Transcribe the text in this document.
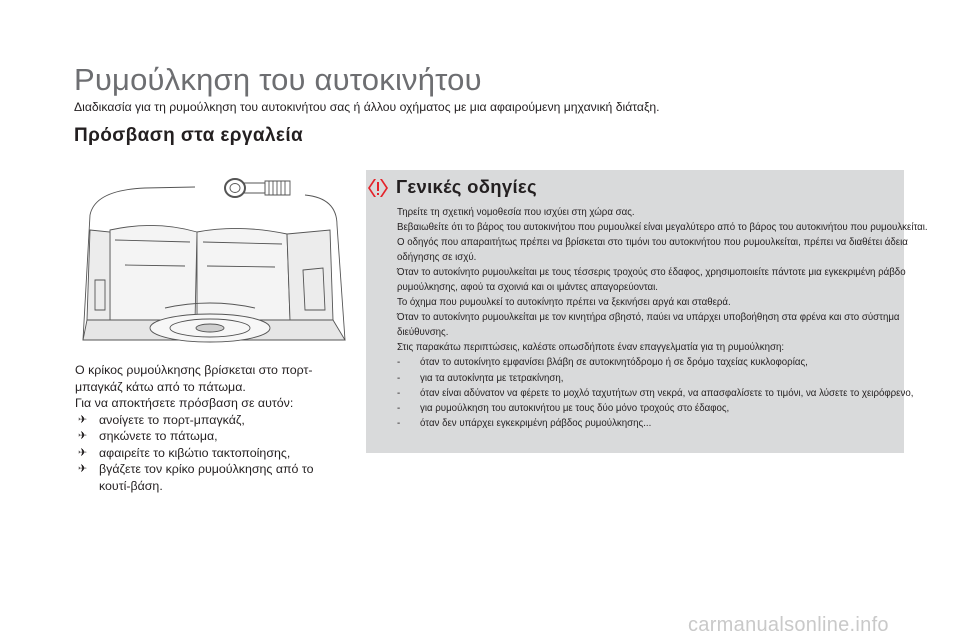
Ρυμούλκηση του αυτοκινήτου
Διαδικασία για τη ρυμούλκηση του αυτοκινήτου σας ή άλλου οχήματος με μια αφαιρούμενη μηχανική διάταξη.
Πρόσβαση στα εργαλεία

Ο κρίκος ρυμούλκησης βρίσκεται στο πορτ-

μπαγκάζ κάτω από το πάτωμα.

Για να αποκτήσετε πρόσβαση σε αυτόν:

✈ ανοίγετε το πορτ-μπαγκάζ,
✈ σηκώνετε το πάτωμα,
✈ αφαιρείτε το κιβώτιο τακτοποίησης,
✈ βγάζετε τον κρίκο ρυμούλκησης από το
κουτί-βάση.
Γενικές οδηγίες

Τηρείτε τη σχετική νομοθεσία που ισχύει στη χώρα σας.

Βεβαιωθείτε ότι το βάρος του αυτοκινήτου που ρυμουλκεί είναι μεγαλύτερο από το βάρος του αυτοκινήτου που ρυμουλκείται.

Ο οδηγός που απαραιτήτως πρέπει να βρίσκεται στο τιμόνι του αυτοκινήτου που ρυμουλκείται, πρέπει να διαθέτει άδεια

οδήγησης σε ισχύ.

Όταν το αυτοκίνητο ρυμουλκείται με τους τέσσερις τροχούς στο έδαφος, χρησιμοποιείτε πάντοτε μια εγκεκριμένη ράβδο

ρυμούλκησης, αφού τα σχοινιά και οι ιμάντες απαγορεύονται.

Το όχημα που ρυμουλκεί το αυτοκίνητο πρέπει να ξεκινήσει αργά και σταθερά.

Όταν το αυτοκίνητο ρυμουλκείται με τον κινητήρα σβηστό, παύει να υπάρχει υποβοήθηση στα φρένα και στο σύστημα

διεύθυνσης.

Στις παρακάτω περιπτώσεις, καλέστε οπωσδήποτε έναν επαγγελματία για τη ρυμούλκηση:

- όταν το αυτοκίνητο εμφανίσει βλάβη σε αυτοκινητόδρομο ή σε δρόμο ταχείας κυκλοφορίας,

- για τα αυτοκίνητα με τετρακίνηση,

- όταν είναι αδύνατον να φέρετε το μοχλό ταχυτήτων στη νεκρά, να απασφαλίσετε το τιμόνι, να λύσετε το χειρόφρενο,

- για ρυμούλκηση του αυτοκινήτου με τους δύο μόνο τροχούς στο έδαφος,

- όταν δεν υπάρχει εγκεκριμένη ράβδος ρυμούλκησης...

carmanualsonline.info
